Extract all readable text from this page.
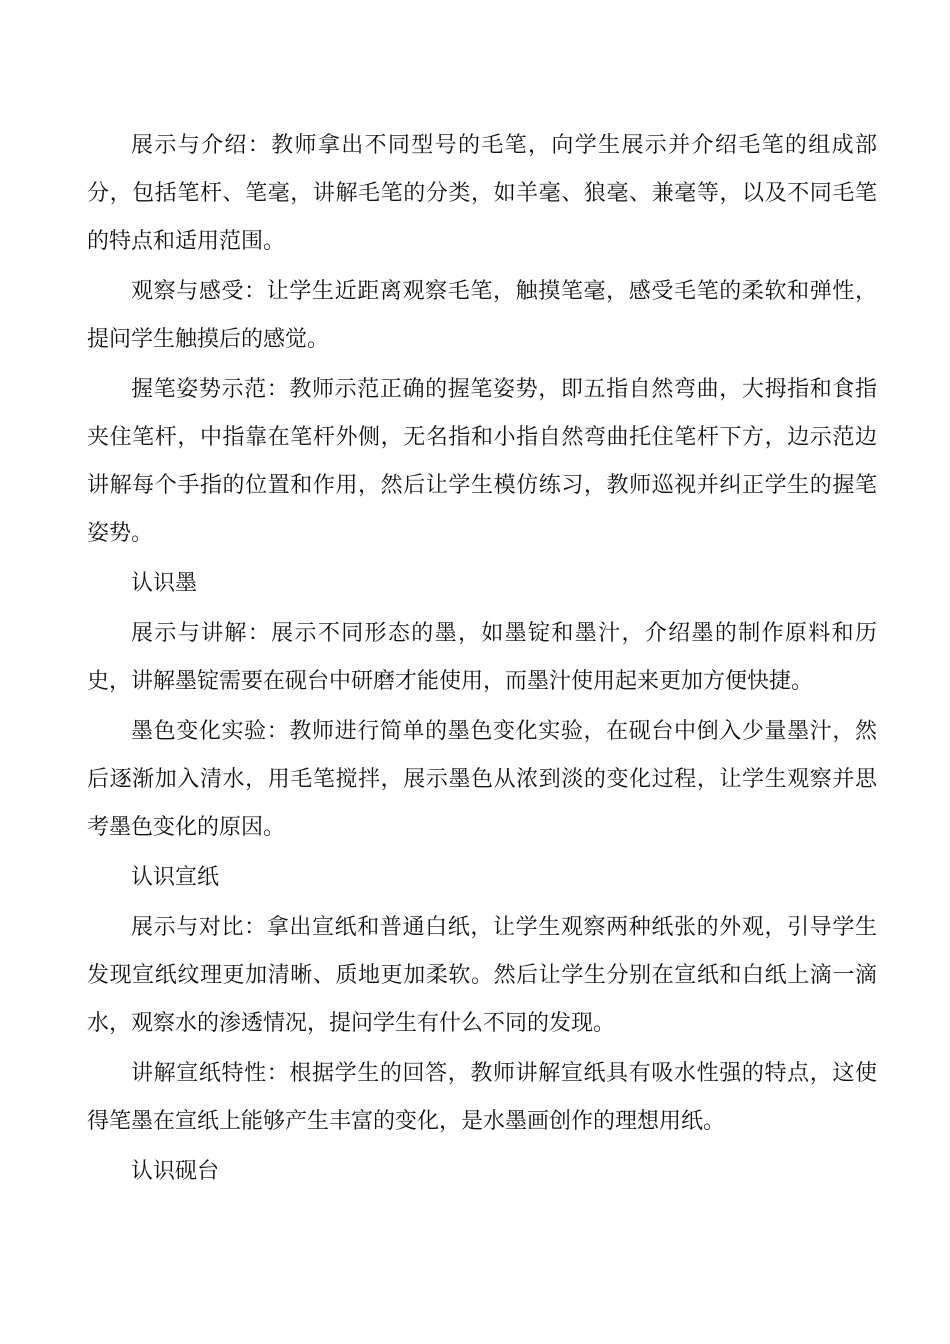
展示与介绍：教师拿出不同型号的毛笔，向学生展示并介绍毛笔的组成部分，包括笔杆、笔毫，讲解毛笔的分类，如羊毫、狼毫、兼毫等，以及不同毛笔的特点和适用范围。

观察与感受：让学生近距离观察毛笔，触摸笔毫，感受毛笔的柔软和弹性，提问学生触摸后的感觉。

握笔姿势示范：教师示范正确的握笔姿势，即五指自然弯曲，大拇指和食指夹住笔杆，中指靠在笔杆外侧，无名指和小指自然弯曲托住笔杆下方，边示范边讲解每个手指的位置和作用，然后让学生模仿练习，教师巡视并纠正学生的握笔姿势。

认识墨

展示与讲解：展示不同形态的墨，如墨锭和墨汁，介绍墨的制作原料和历史，讲解墨锭需要在砚台中研磨才能使用，而墨汁使用起来更加方便快捷。

墨色变化实验：教师进行简单的墨色变化实验，在砚台中倒入少量墨汁，然后逐渐加入清水，用毛笔搅拌，展示墨色从浓到淡的变化过程，让学生观察并思考墨色变化的原因。

认识宣纸

展示与对比：拿出宣纸和普通白纸，让学生观察两种纸张的外观，引导学生发现宣纸纹理更加清晰、质地更加柔软。然后让学生分别在宣纸和白纸上滴一滴水，观察水的渗透情况，提问学生有什么不同的发现。

讲解宣纸特性：根据学生的回答，教师讲解宣纸具有吸水性强的特点，这使得笔墨在宣纸上能够产生丰富的变化，是水墨画创作的理想用纸。

认识砚台
